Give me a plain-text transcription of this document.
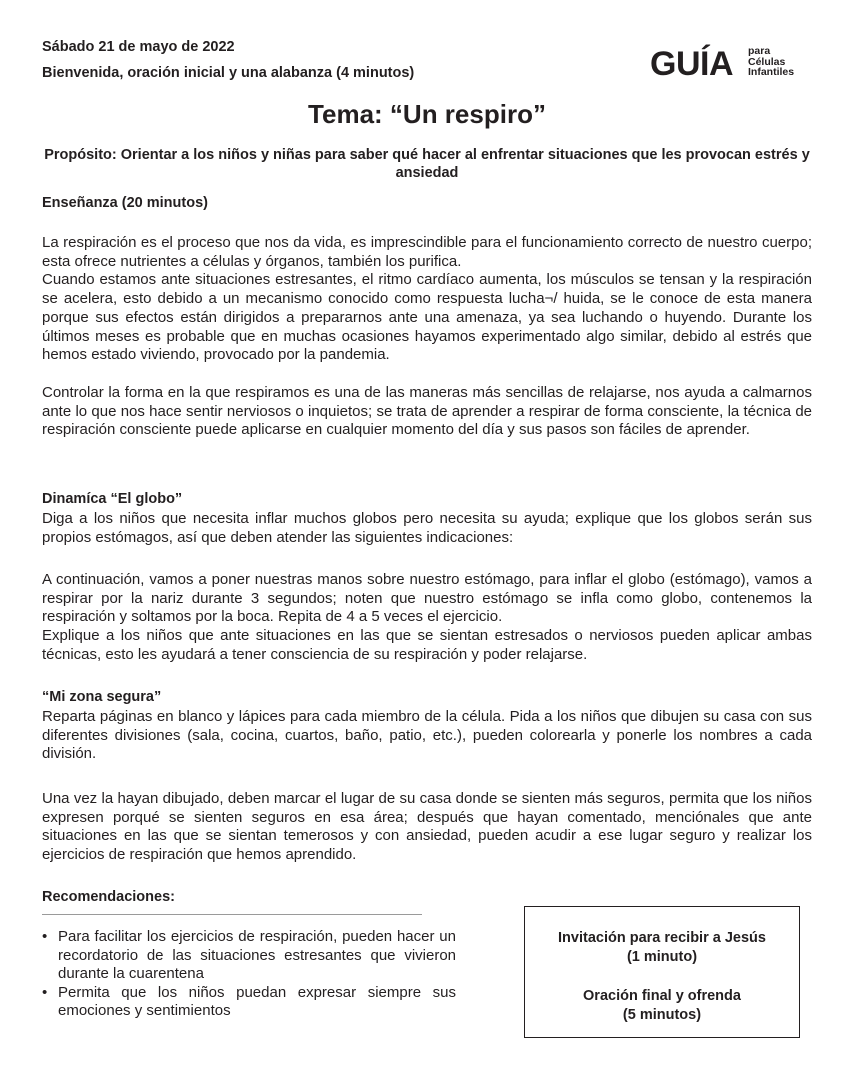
Sábado 21 de mayo de 2022
Bienvenida, oración inicial y una alabanza (4 minutos)	GUÍA para
Células
Infantiles
Tema: “Un respiro”
Propósito: Orientar a los niños y niñas para saber qué hacer al enfrentar situaciones que les provocan estrés y ansiedad
Enseñanza (20 minutos)

La respiración es el proceso que nos da vida, es imprescindible para el funcionamiento correcto de nuestro cuerpo; esta ofrece nutrientes a células y órganos, también los purifica.

Cuando estamos ante situaciones estresantes, el ritmo cardíaco aumenta, los músculos se tensan y la respiración se acelera, esto debido a un mecanismo conocido como respuesta lucha¬/ huida, se le conoce de esta manera porque sus efectos están dirigidos a prepararnos ante una amenaza, ya sea luchando o huyendo. Durante los últimos meses es probable que en muchas ocasiones hayamos experimentado algo similar, debido al estrés que hemos estado viviendo, provocado por la pandemia.

Controlar la forma en la que respiramos es una de las maneras más sencillas de relajarse, nos ayuda a calmarnos ante lo que nos hace sentir nerviosos o inquietos; se trata de aprender a respirar de forma consciente, la técnica de respiración consciente puede aplicarse en cualquier momento del día y sus pasos son fáciles de aprender.
Dinamíca “El globo”
Diga a los niños que necesita inflar muchos globos pero necesita su ayuda; explique que los globos serán sus propios estómagos, así que deben atender las siguientes indicaciones:

A continuación, vamos a poner nuestras manos sobre nuestro estómago, para inflar el globo (estómago), vamos a respirar por la nariz durante 3 segundos; noten que nuestro estómago se infla como globo, contenemos la respiración y soltamos por la boca. Repita de 4 a 5 veces el ejercicio.

Explique a los niños que ante situaciones en las que se sientan estresados o nerviosos pueden aplicar ambas técnicas, esto les ayudará a tener consciencia de su respiración y poder relajarse.

“Mi zona segura”
Reparta páginas en blanco y lápices para cada miembro de la célula. Pida a los niños que dibujen su casa con sus diferentes divisiones (sala, cocina, cuartos, baño, patio, etc.), pueden colorearla y ponerle los nombres a cada división.
Una vez la hayan dibujado, deben marcar el lugar de su casa donde se sienten más seguros, permita que los niños expresen porqué se sienten seguros en esa área; después que hayan comentado, menciónales que ante situaciones en las que se sientan temerosos y con ansiedad, pueden acudir a ese lugar seguro y realizar los ejercicios de respiración que hemos aprendido.
Recomendaciones:
• Para facilitar los ejercicios de respiración, pueden hacer un recordatorio de las situaciones estresantes que vivieron durante la cuarentena
• Permita que los niños puedan expresar siempre sus emociones y sentimientos
Invitación para recibir a Jesús
(1 minuto)
Oración final y ofrenda
(5 minutos)
